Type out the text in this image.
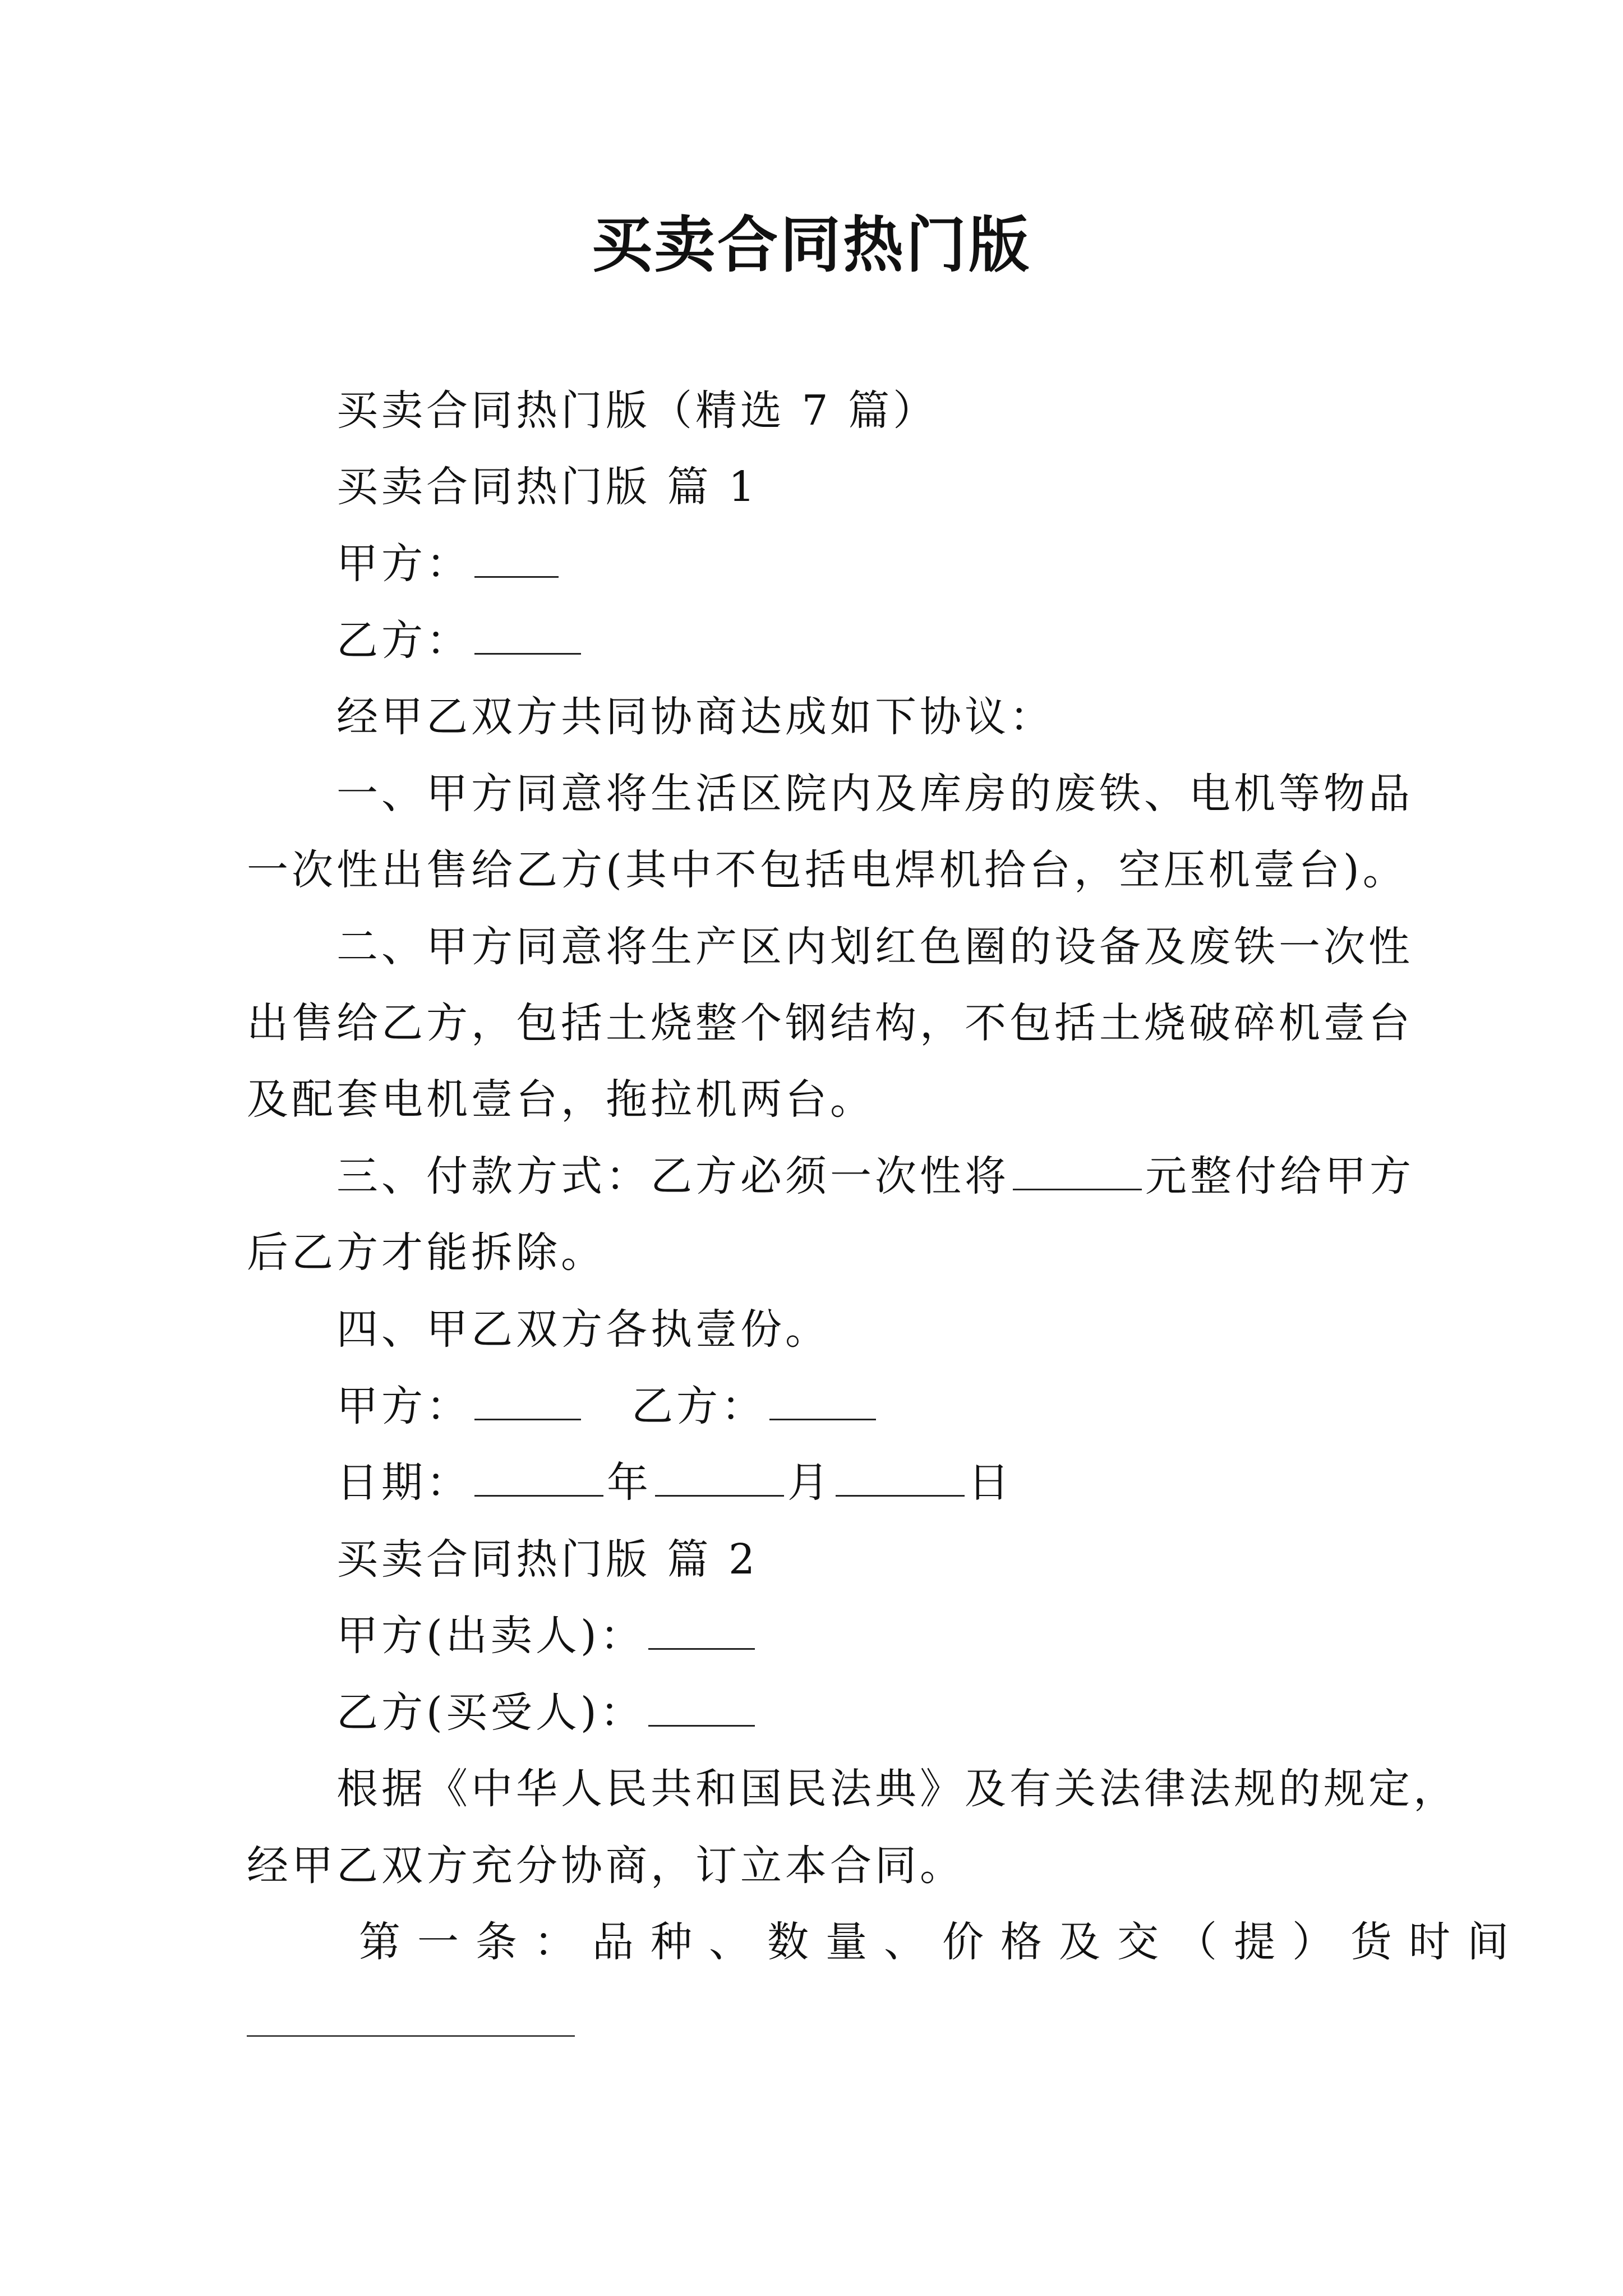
买卖合同热门版
买卖合同热门版（精选 7 篇）
买卖合同热门版 篇 1
甲方：
乙方：
经甲乙双方共同协商达成如下协议：
一、甲方同意将生活区院内及库房的废铁、电机等物品
一次性出售给乙方(其中不包括电焊机拾台，空压机壹台)。
二、甲方同意将生产区内划红色圈的设备及废铁一次性
出售给乙方，包括土烧整个钢结构，不包括土烧破碎机壹台
及配套电机壹台，拖拉机两台。
三、付款方式：乙方必须一次性将	元整付给甲方
后乙方才能拆除。
四、甲乙双方各执壹份。
甲方：	乙方：
日期：	年	月	日
买卖合同热门版 篇 2
甲方(出卖人)：
乙方(买受人)：
根据《中华人民共和国民法典》及有关法律法规的规定，
经甲乙双方充分协商，订立本合同。
第一条：品种、数量、价格及交（提）货时间
